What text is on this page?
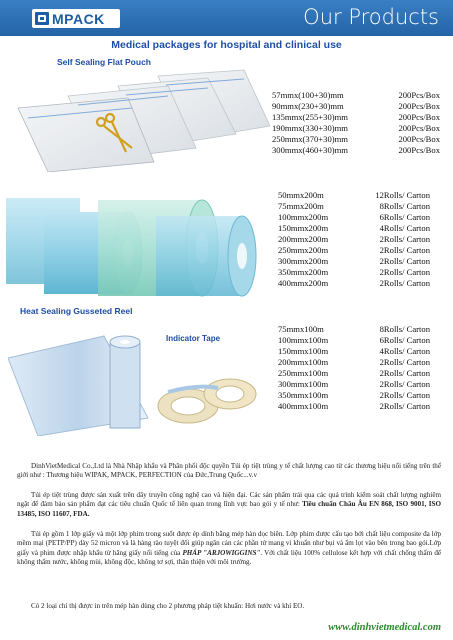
MPACK	Our Products
Medical packages for hospital and clinical use
Self Sealing Flat Pouch
57mmx(100+30)mm	200Pcs/Box
90mmx(230+30)mm	200Pcs/Box
135mmx(255+30)mm	200Pcs/Box
190mmx(330+30)mm	200Pcs/Box
250mmx(370+30)mm	200Pcs/Box
300mmx(460+30)mm	200Pcs/Box
50mmx200m	12Rolls/ Carton
75mmx200m	8Rolls/ Carton
100mmx200m	6Rolls/ Carton
150mmx200m	4Rolls/ Carton
200mmx200m	2Rolls/ Carton
250mmx200m	2Rolls/ Carton
300mmx200m	2Rolls/ Carton
350mmx200m	2Rolls/ Carton
400mmx200m	2Rolls/ Carton
Heat Sealing Gusseted Reel
Indicator Tape
75mmx100m	8Rolls/ Carton
100mmx100m	6Rolls/ Carton
150mmx100m	4Rolls/ Carton
200mmx100m	2Rolls/ Carton
250mmx100m	2Rolls/ Carton
300mmx100m	2Rolls/ Carton
350mmx100m	2Rolls/ Carton
400mmx100m	2Rolls/ Carton
DinhVietMedical Co.,Ltd là Nhà Nhập khẩu và Phân phối độc quyền Túi ép tiệt trùng y tế chất lượng cao từ các thương hiệu nổi tiếng trên thế giới như : Thương hiệu WIPAK, MPACK, PERFECTION của Đức,Trung Quốc...v.v
Túi ép tiệt trùng được sản xuất trên dây truyền công nghệ cao và hiện đại. Các sản phẩm trải qua các quá trình kiểm soát chất lượng nghiêm ngặt để đảm bảo sản phẩm đạt các tiêu chuẩn Quốc tế liên quan trong lĩnh vực bao gói y tế như: Tiêu chuẩn Châu Âu EN 868, ISO 9001, ISO 13485, ISO 11607, FDA.
Túi ép gồm 1 lớp giấy và một lớp phim trong suốt được ép dính bằng mép hàn dọc biên. Lớp phim được cấu tạo bởi chất liệu composite đa lớp mềm mại (PETP/PP) dày 52 micron và là hàng rào tuyệt đối giúp ngăn cản các phần tử mang vi khuẩn như bụi và ẩm lọt vào bên trong bao gói.Lớp giấy và phim được nhập khẩu từ hãng giấy nổi tiếng của PHÁP "ARJOWIGGINS". Với chất liệu 100% cellulose kết hợp với chất chống thấm để không thấm nước, không mùi, không độc, không tơ sợi, thân thiện với môi trường.
Có 2 loại chỉ thị được in trên mép hàn dùng cho 2 phương pháp tiệt khuẩn: Hơi nước và khí EO.
www.dinhvietmedical.com
